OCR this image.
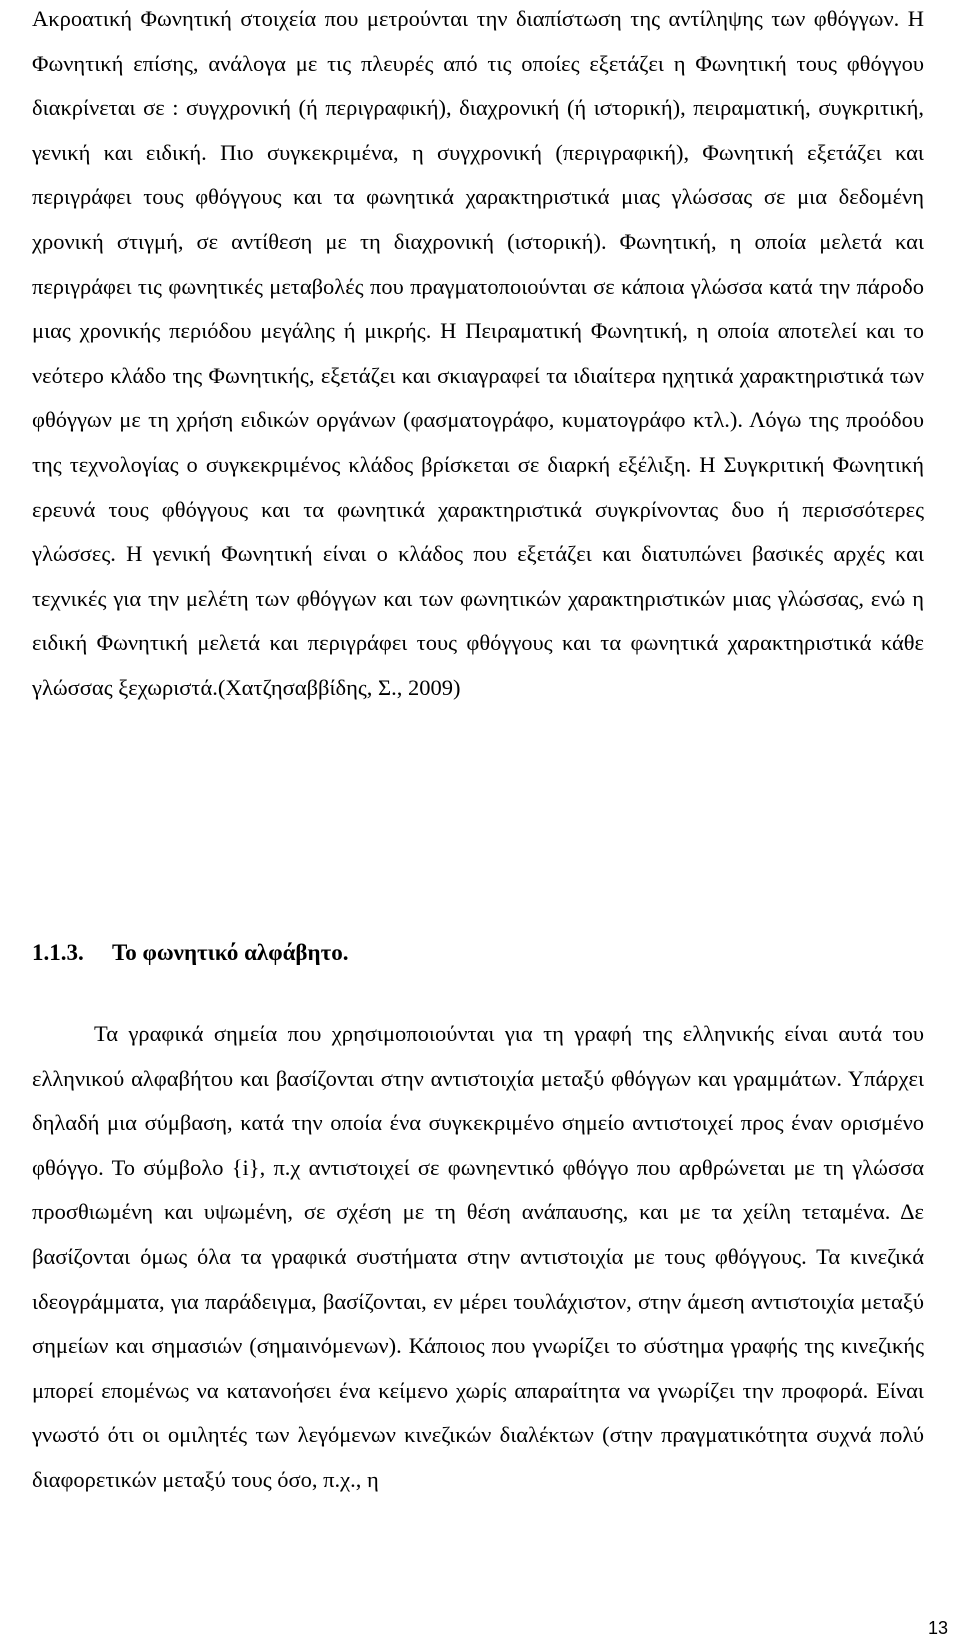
Ακροατική Φωνητική στοιχεία που μετρούνται την διαπίστωση της αντίληψης των φθόγγων. Η Φωνητική επίσης, ανάλογα με τις πλευρές από τις οποίες εξετάζει η Φωνητική τους φθόγγου διακρίνεται σε : συγχρονική (ή περιγραφική), διαχρονική (ή ιστορική), πειραματική, συγκριτική, γενική και ειδική. Πιο συγκεκριμένα, η συγχρονική (περιγραφική), Φωνητική εξετάζει και περιγράφει τους φθόγγους και τα φωνητικά χαρακτηριστικά μιας γλώσσας σε μια δεδομένη χρονική στιγμή, σε αντίθεση με τη διαχρονική (ιστορική). Φωνητική, η οποία μελετά και περιγράφει τις φωνητικές μεταβολές που πραγματοποιούνται σε κάποια γλώσσα κατά την πάροδο μιας χρονικής περιόδου μεγάλης ή μικρής. Η Πειραματική Φωνητική, η οποία αποτελεί και το νεότερο κλάδο της Φωνητικής, εξετάζει και σκιαγραφεί τα ιδιαίτερα ηχητικά χαρακτηριστικά των φθόγγων με τη χρήση ειδικών οργάνων (φασματογράφο, κυματογράφο κτλ.). Λόγω της προόδου της τεχνολογίας ο συγκεκριμένος κλάδος βρίσκεται σε διαρκή εξέλιξη. Η Συγκριτική Φωνητική ερευνά τους φθόγγους και τα φωνητικά χαρακτηριστικά συγκρίνοντας δυο ή περισσότερες γλώσσες. Η γενική Φωνητική είναι ο κλάδος που εξετάζει και διατυπώνει βασικές αρχές και τεχνικές για την μελέτη των φθόγγων και των φωνητικών χαρακτηριστικών μιας γλώσσας, ενώ η ειδική Φωνητική μελετά και περιγράφει τους φθόγγους και τα φωνητικά χαρακτηριστικά κάθε γλώσσας ξεχωριστά.(Χατζησαββίδης, Σ., 2009)

1.1.3. Το φωνητικό αλφάβητο.

Τα γραφικά σημεία που χρησιμοποιούνται για τη γραφή της ελληνικής είναι αυτά του ελληνικού αλφαβήτου και βασίζονται στην αντιστοιχία μεταξύ φθόγγων και γραμμάτων. Υπάρχει δηλαδή μια σύμβαση, κατά την οποία ένα συγκεκριμένο σημείο αντιστοιχεί προς έναν ορισμένο φθόγγο. Το σύμβολο {i}, π.χ αντιστοιχεί σε φωνηεντικό φθόγγο που αρθρώνεται με τη γλώσσα προσθιωμένη και υψωμένη, σε σχέση με τη θέση ανάπαυσης, και με τα χείλη τεταμένα. Δε βασίζονται όμως όλα τα γραφικά συστήματα στην αντιστοιχία με τους φθόγγους. Τα κινεζικά ιδεογράμματα, για παράδειγμα, βασίζονται, εν μέρει τουλάχιστον, στην άμεση αντιστοιχία μεταξύ σημείων και σημασιών (σημαινόμενων). Κάποιος που γνωρίζει το σύστημα γραφής της κινεζικής μπορεί επομένως να κατανοήσει ένα κείμενο χωρίς απαραίτητα να γνωρίζει την προφορά. Είναι γνωστό ότι οι ομιλητές των λεγόμενων κινεζικών διαλέκτων (στην πραγματικότητα συχνά πολύ διαφορετικών μεταξύ τους όσο, π.χ., η

13
